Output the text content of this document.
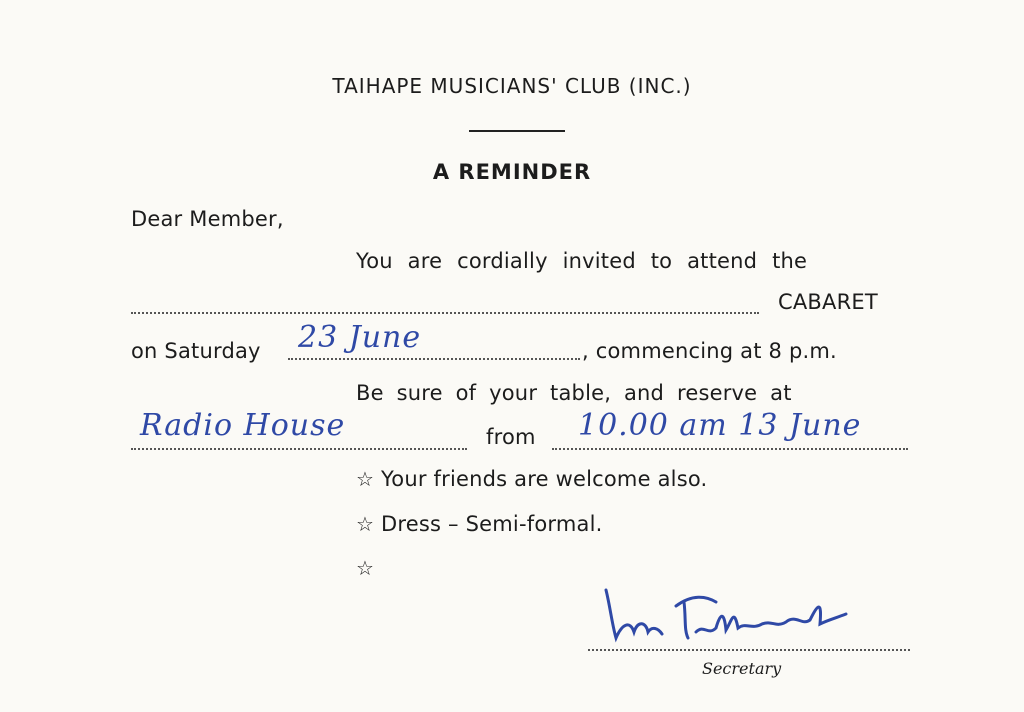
TAIHAPE MUSICIANS' CLUB (INC.)
A REMINDER
Dear Member,
You are cordially invited to attend the
CABARET
on Saturday 23 June	, commencing at 8 p.m.
Be sure of your table, and reserve at
Radio House	from 10.00 am 13 June
☆ Your friends are welcome also.
☆ Dress – Semi-formal.
☆
Secretary
